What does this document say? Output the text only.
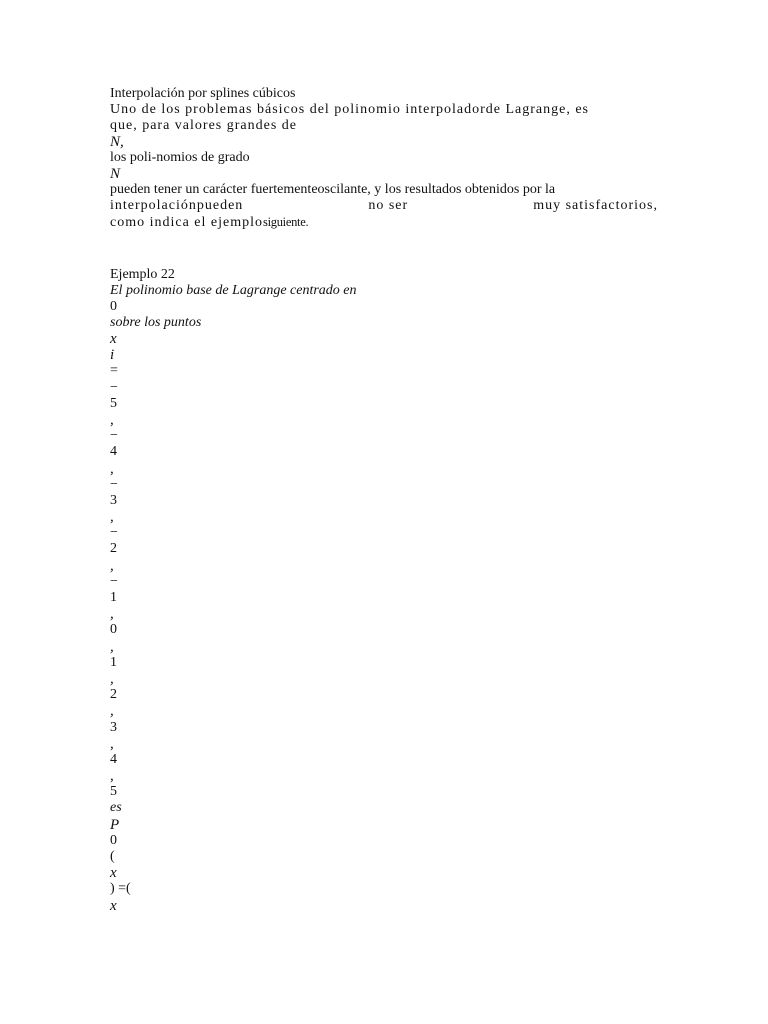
Interpolación por splines cúbicos
Uno de los problemas básicos del polinomio interpoladorde Lagrange, es
que, para valores grandes de
N,
los poli-nomios de grado
N
pueden tener un carácter fuertementeoscilante, y los resultados obtenidos por la
interpolaciónpueden	no ser	muy satisfactorios,
como indica el ejemplosiguiente.
Ejemplo 22
El polinomio base de Lagrange centrado en
0
sobre los puntos
x
i
=
−
5
,
−
4
,
−
3
,
−
2
,
−
1
,
0
,
1
,
2
,
3
,
4
,
5
es
P
0
(
x
) =(
x
